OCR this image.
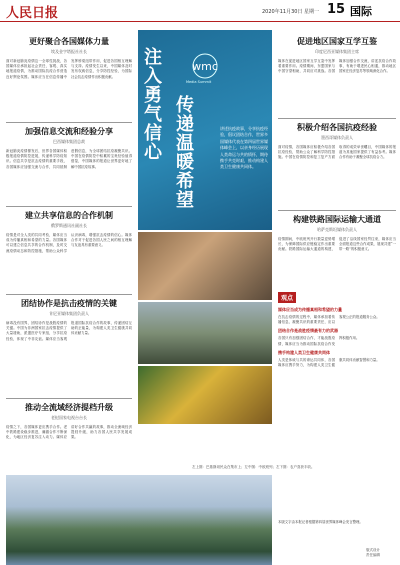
人民日报	2020年11月30日 星期一 15 国际
更好聚合各国媒体力量
埃及金字塔报社社长
面对新冠肺炎疫情这一全球性挑战，各国媒体应承担起社会责任，客观、真实地报道疫情，为推动国际抗疫合作营造良好舆论氛围。媒体应当在信息传播中发挥桥梁纽带作用，促进各国相互理解与支持。疫情发生以来，中国媒体及时发布权威信息，分享防控经验，为国际社会抗击疫情作出积极贡献。
加强信息交流和经验分享
巴西媒体集团总裁
新冠肺炎疫情暴发后，世界各国媒体积极报道疫情防控进展，传递科学防疫知识。信息共享是抗击疫情的重要手段，各国媒体应加强交流与合作，共同抵制虚假信息，为全球团结抗疫凝聚共识。中国在疫情防控中积累的宝贵经验值得借鉴，中国媒体的报道让世界更好地了解中国抗疫故事。
建立共享信息的合作机制
俄罗斯通讯社副社长
疫情是对全人类的共同考验，媒体应当成为传播真相和希望的力量。各国媒体可以建立信息共享的合作机制，及时交流疫情动态和防控措施，帮助公众科学认识病毒，增强抗击疫情的信心。媒体合作对于促进各国人民之间的相互理解与友谊具有重要意义。
团结协作是抗击疫情的关键
肯尼亚媒体集团负责人
病毒没有国界，团结协作是战胜疫情的关键。中国为非洲国家抗击疫情提供了大量援助，派遣医疗专家组，分享抗疫经验，体现了中非友谊。媒体应当客观报道国际抗疫合作的故事，传递团结互助的正能量，为构建人类卫生健康共同体贡献力量。
推动全流域经济提档升级
老挝国家电视台台长
疫情之下，各国媒体更应携手合作。老中铁路建设稳步推进，澜湄合作不断深化，为地区经济复苏注入动力。媒体应讲好合作共赢的故事，推动全流域经济提档升级，助力各国人民共享发展成果。
注入勇气信心
wmc
Media Summit
传递温暖希望
讲述抗疫故事，分享抗疫经验，倡议团结合作，世界多国媒体代表在第四届世界媒体峰会上，以亲身经历展现人类命运与共的情怀，期待携手共克时艰，推动构建人类卫生健康共同体。
左上图：巴基斯坦民众在集市上；左中图：中欧班列；左下图：农户喜获丰收。
促进地区国家互学互鉴
印度尼西亚媒体集团主席
媒体在促进地区国家互学互鉴中发挥着重要作用。疫情期间，东盟国家与中国守望相助，共同应对挑战。各国媒体加强合作交流，讲述抗疫合作故事，有助于增进民心相通，推动地区国家在经济复苏等领域深化合作。
积极介绍各国抗疫经验
墨西哥媒体负责人
面对疫情，各国媒体应积极介绍各国抗疫经验，帮助公众了解科学防控措施。中国在疫情防控和复工复产方面取得的成效举世瞩目，中国媒体的报道为其他国家提供了有益参考。媒体合作有助于凝聚全球抗疫合力。
构建铁路国际运输大通道
哈萨克斯坦媒体负责人
疫情期间，中欧班列开行数量逆势增长，为保障国际供应链稳定作出重要贡献。铁路国际运输大通道的构建，促进了沿线国家经贸往来，媒体应当全面报道这些合作成果，展现共建“一带一路”的积极意义。
观点
媒体应当成为传播真相和希望的力量
在抗击疫情的过程中，媒体承担着传播信息、凝聚共识的重要责任，应以客观公正的报道服务公众。
团结合作是战胜疫情最有力的武器
各国只有加强团结合作，才能战胜疫情，媒体应当为推动国际抗疫合作发挥积极作用。
携手构建人类卫生健康共同体
人类是休戚与共的命运共同体，各国媒体应携手努力，为构建人类卫生健康共同体贡献智慧和力量。
本版文字由本报记者根据第四届世界媒体峰会发言整理。
版式设计
责任编辑
